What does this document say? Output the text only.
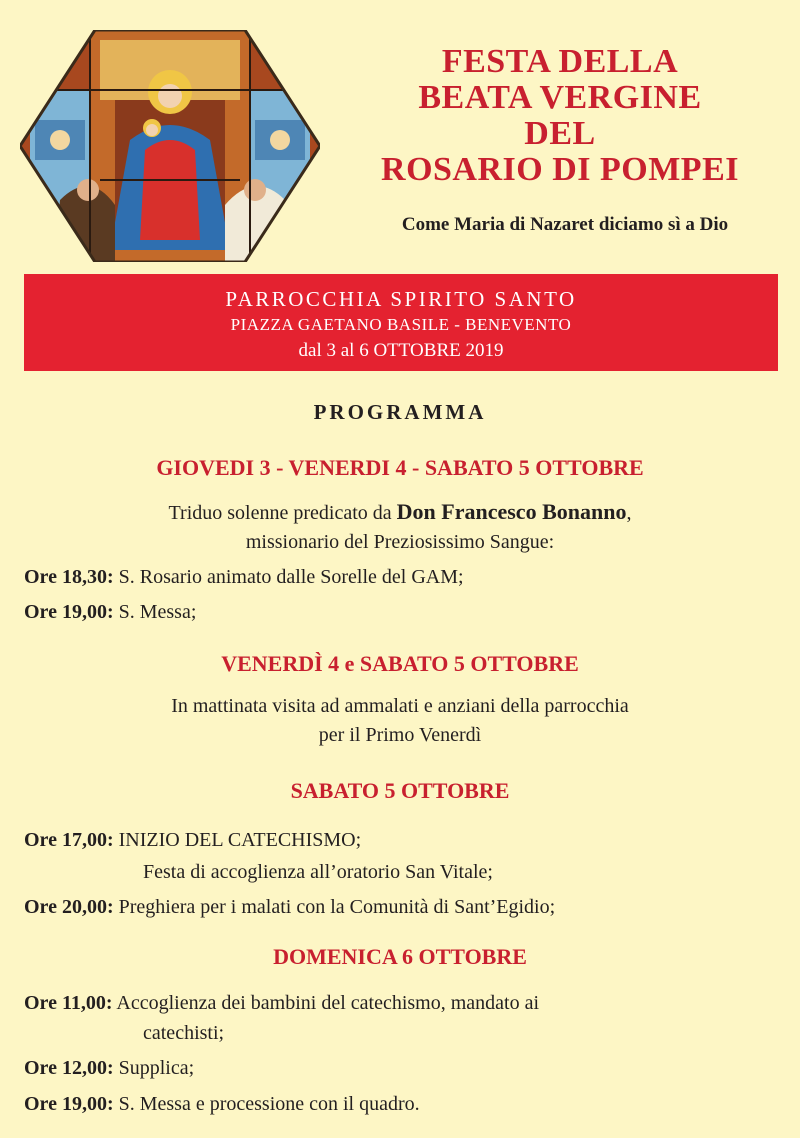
FESTA DELLA
BEATA VERGINE
DEL
ROSARIO DI POMPEI
Come Maria di Nazaret diciamo sì a Dio
PARROCCHIA SPIRITO SANTO
PIAZZA GAETANO BASILE - BENEVENTO
dal 3 al 6 OTTOBRE 2019
PROGRAMMA
GIOVEDI 3 - VENERDI 4 - SABATO 5 OTTOBRE
Triduo solenne predicato da Don Francesco Bonanno,
missionario del Preziosissimo Sangue:
Ore 18,30: S. Rosario animato dalle Sorelle del GAM;
Ore 19,00: S. Messa;
VENERDÌ 4 e SABATO 5 OTTOBRE
In mattinata visita ad ammalati e anziani della parrocchia
per il Primo Venerdì
SABATO 5 OTTOBRE
Ore 17,00: INIZIO DEL CATECHISMO;
Festa di accoglienza all’oratorio San Vitale;
Ore 20,00: Preghiera per i malati con la Comunità di Sant’Egidio;
DOMENICA 6 OTTOBRE
Ore 11,00: Accoglienza dei bambini del catechismo, mandato ai
catechisti;
Ore 12,00: Supplica;
Ore 19,00: S. Messa e processione con il quadro.
